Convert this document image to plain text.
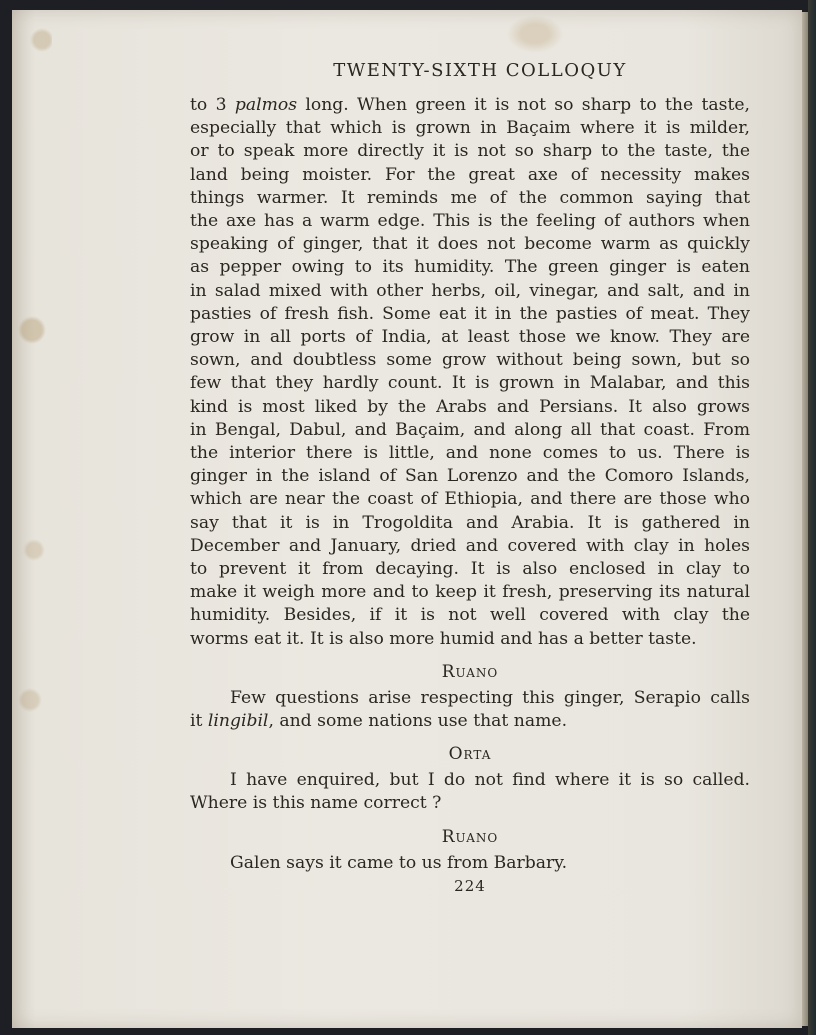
TWENTY-SIXTH COLLOQUY

to 3 palmos long. When green it is not so sharp to the taste,

especially that which is grown in Baçaim where it is milder,

or to speak more directly it is not so sharp to the taste, the

land being moister. For the great axe of necessity makes

things warmer. It reminds me of the common saying that

the axe has a warm edge. This is the feeling of authors when

speaking of ginger, that it does not become warm as quickly

as pepper owing to its humidity. The green ginger is eaten

in salad mixed with other herbs, oil, vinegar, and salt, and in

pasties of fresh fish. Some eat it in the pasties of meat. They

grow in all ports of India, at least those we know. They are

sown, and doubtless some grow without being sown, but so

few that they hardly count. It is grown in Malabar, and this

kind is most liked by the Arabs and Persians. It also grows

in Bengal, Dabul, and Baçaim, and along all that coast. From

the interior there is little, and none comes to us. There is

ginger in the island of San Lorenzo and the Comoro Islands,

which are near the coast of Ethiopia, and there are those who

say that it is in Trogoldita and Arabia. It is gathered in

December and January, dried and covered with clay in holes

to prevent it from decaying. It is also enclosed in clay to

make it weigh more and to keep it fresh, preserving its natural

humidity. Besides, if it is not well covered with clay the

worms eat it. It is also more humid and has a better taste.

Ruano

Few questions arise respecting this ginger, Serapio calls

it lingibil, and some nations use that name.

Orta

I have enquired, but I do not find where it is so called.

Where is this name correct ?

Ruano

Galen says it came to us from Barbary.

224
